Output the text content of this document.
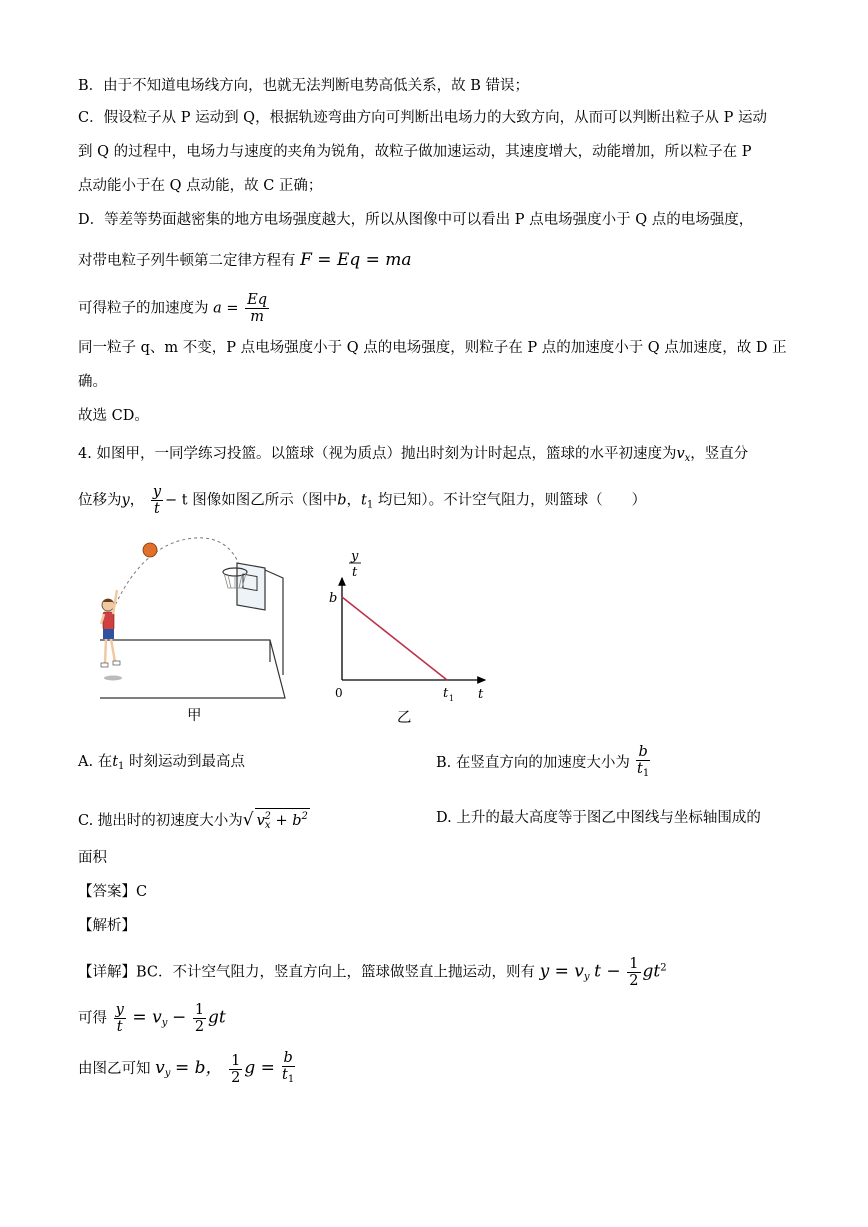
B．由于不知道电场线方向，也就无法判断电势高低关系，故 B 错误；
C．假设粒子从 P 运动到 Q，根据轨迹弯曲方向可判断出电场力的大致方向，从而可以判断出粒子从 P 运动
到 Q 的过程中，电场力与速度的夹角为锐角，故粒子做加速运动，其速度增大，动能增加，所以粒子在 P
点动能小于在 Q 点动能，故 C 正确；
D．等差等势面越密集的地方电场强度越大，所以从图像中可以看出 P 点电场强度小于 Q 点的电场强度，
对带电粒子列牛顿第二定律方程有 F = Eq = ma
可得粒子的加速度为 $a = \frac{Eq}{m}$
同一粒子 q、m 不变，P 点电场强度小于 Q 点的电场强度，则粒子在 P 点的加速度小于 Q 点加速度，故 D 正
确。
故选 CD。
4. 如图甲，一同学练习投篮。以篮球（视为质点）抛出时刻为计时起点，篮球的水平初速度为$v_x$，竖直分
位移为y， $\frac{y}{t} - t$ 图像如图乙所示（图中b，$t_1$ 均已知）。不计空气阻力，则篮球（　　）
甲
y
t
b
0	t 1 t
乙
A. 在$t_1$ 时刻运动到最高点	B. 在竖直方向的加速度大小为 $\frac{b}{t_1}$
C. 抛出时的初速度大小为√ $v_x^2 + b^2$	D. 上升的最大高度等于图乙中图线与坐标轴围成的
面积
【答案】C
【解析】
【详解】BC．不计空气阻力，竖直方向上，篮球做竖直上抛运动，则有 $y = v_y$ $t - \frac{1}{2} gt^2$
可得 $\frac{y}{t} = v_y - \frac{1}{2}$ gt
由图乙可知 $v_y = b$， $\frac{1}{2}$ $g = \frac{b}{t_1}$
